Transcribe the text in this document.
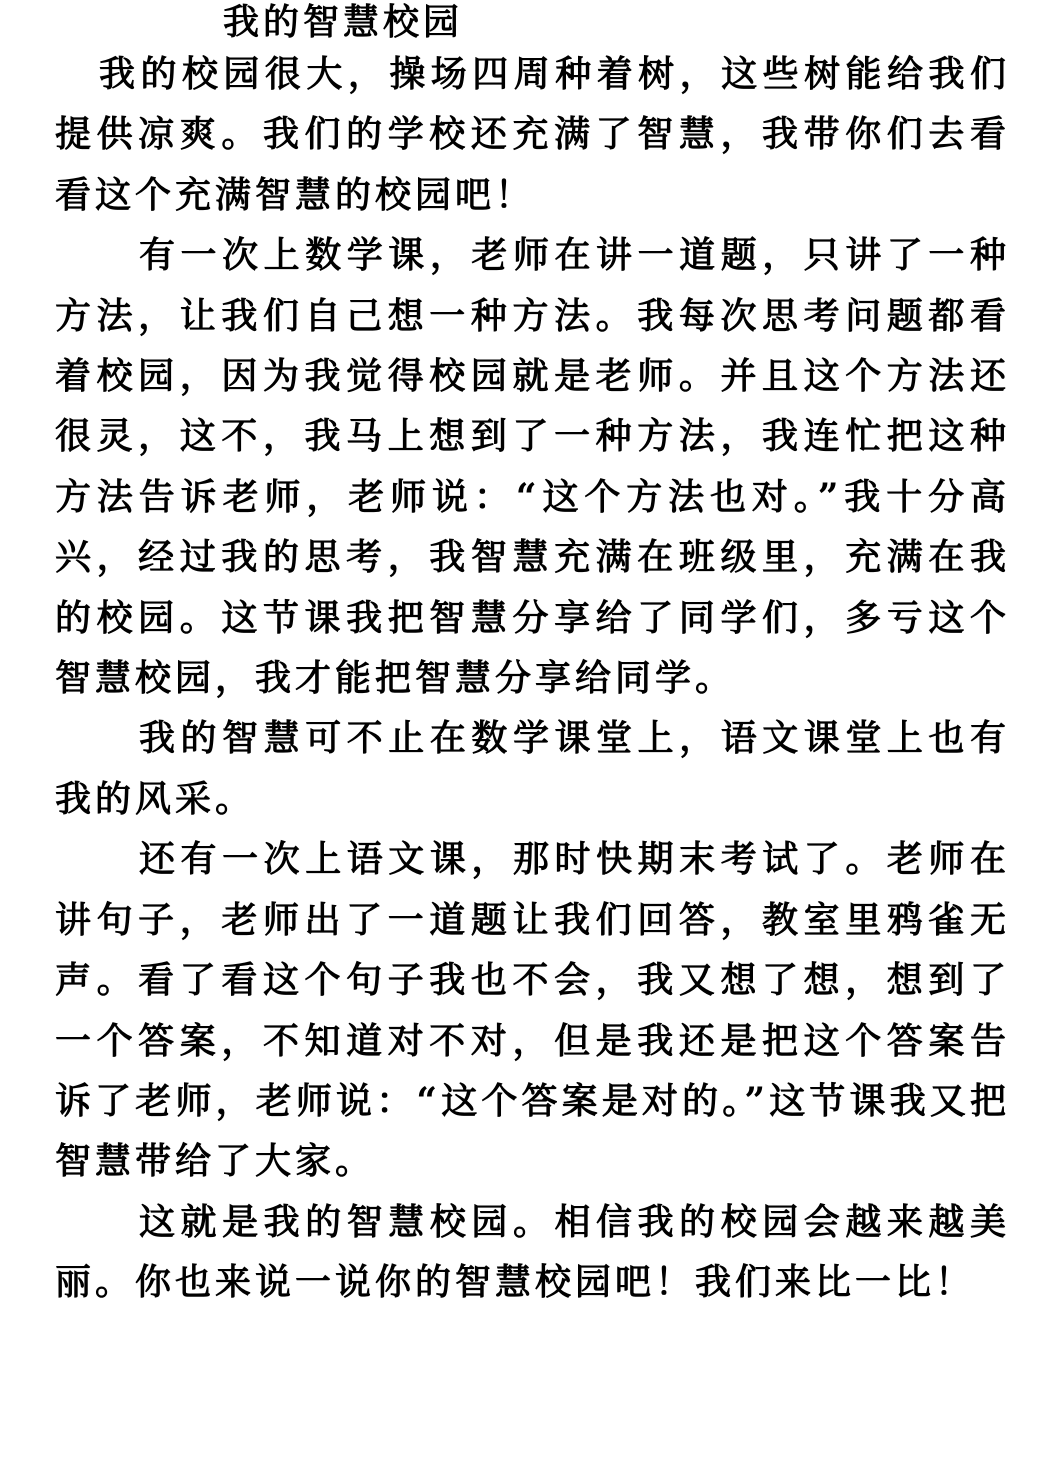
我的智慧校园

我的校园很大，操场四周种着树，这些树能给我们提供凉爽。我们的学校还充满了智慧，我带你们去看看这个充满智慧的校园吧！

有一次上数学课，老师在讲一道题，只讲了一种方法，让我们自己想一种方法。我每次思考问题都看着校园，因为我觉得校园就是老师。并且这个方法还很灵，这不，我马上想到了一种方法，我连忙把这种方法告诉老师，老师说：“这个方法也对。”我十分高兴，经过我的思考，我智慧充满在班级里，充满在我的校园。这节课我把智慧分享给了同学们，多亏这个智慧校园，我才能把智慧分享给同学。

我的智慧可不止在数学课堂上，语文课堂上也有我的风采。

还有一次上语文课，那时快期末考试了。老师在讲句子，老师出了一道题让我们回答，教室里鸦雀无声。看了看这个句子我也不会，我又想了想，想到了一个答案，不知道对不对，但是我还是把这个答案告诉了老师，老师说：“这个答案是对的。”这节课我又把智慧带给了大家。

这就是我的智慧校园。相信我的校园会越来越美丽。你也来说一说你的智慧校园吧！我们来比一比！
